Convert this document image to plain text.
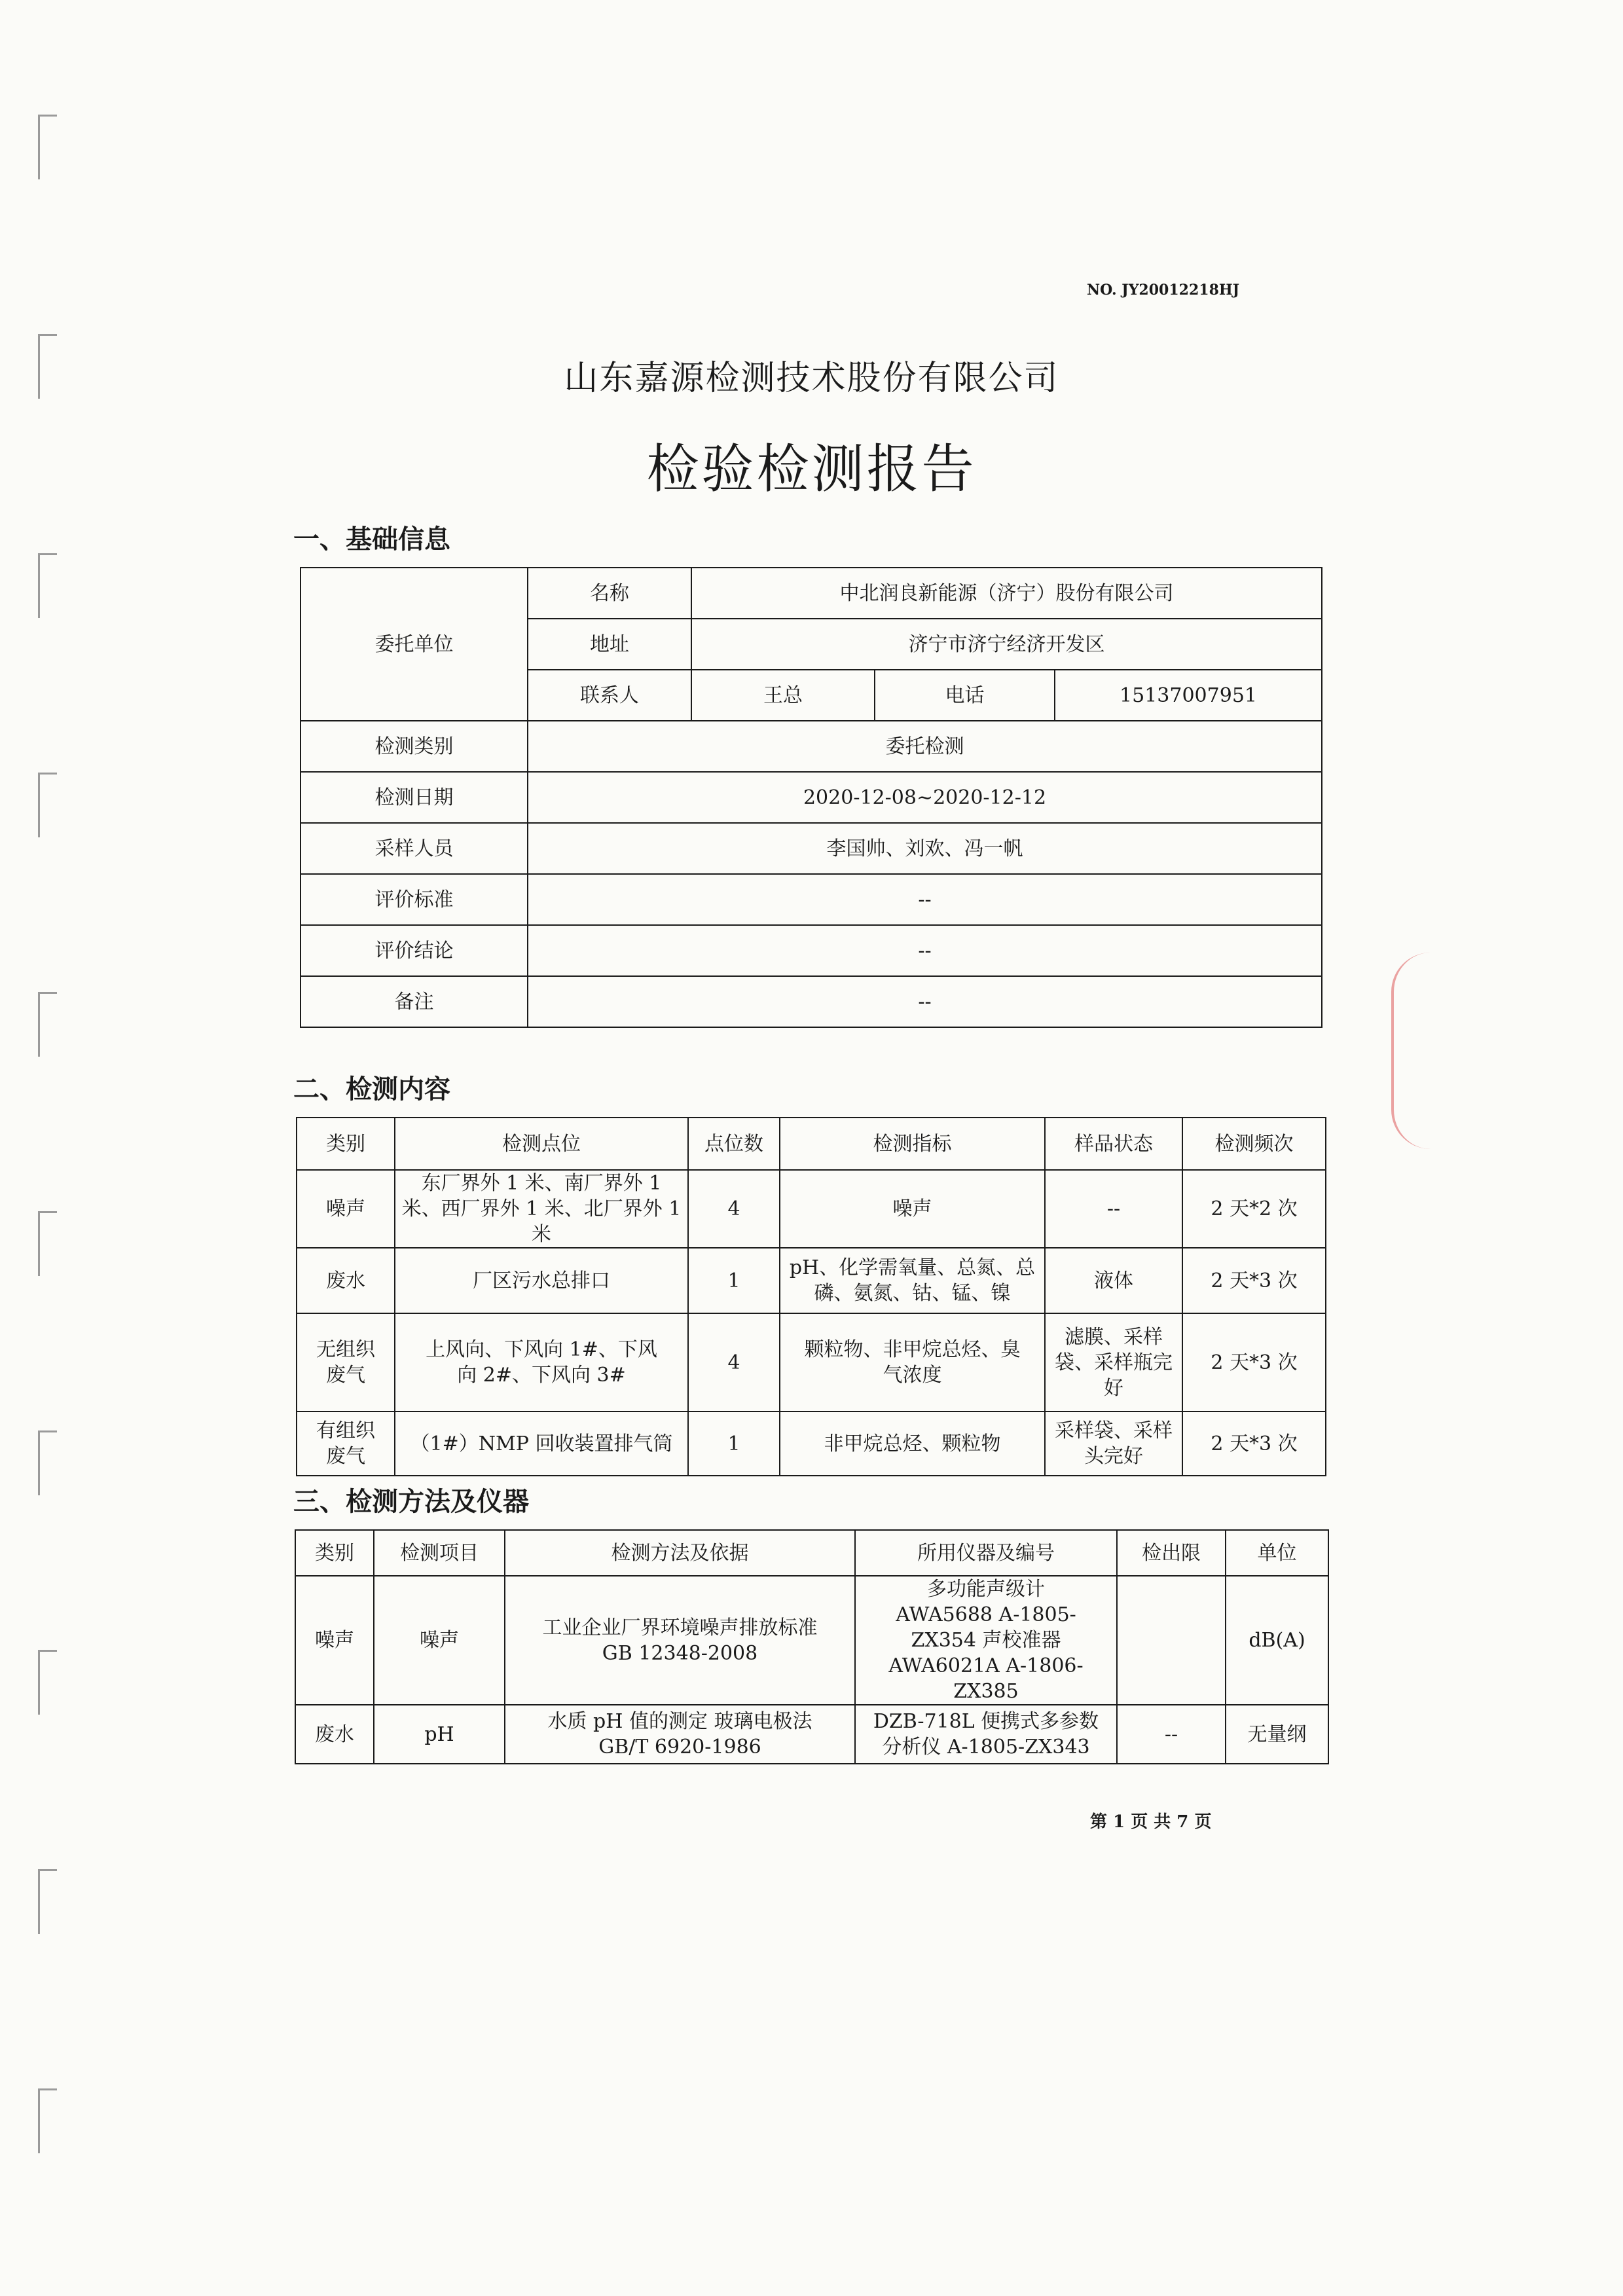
NO. JY20012218HJ
山东嘉源检测技术股份有限公司
检验检测报告
一、基础信息
委托单位	名称	中北润良新能源（济宁）股份有限公司		
	地址	济宁市济宁经济开发区		
	联系人	王总	电话	15137007951
检测类别	委托检测			
检测日期	2020-12-08~2020-12-12			
采样人员	李国帅、刘欢、冯一帆			
评价标准	--			
评价结论	--			
备注	--			
二、检测内容
类别	检测点位	点位数	检测指标	样品状态	检测频次
噪声	东厂界外 1 米、南厂界外 1 米、西厂界外 1 米、北厂界外 1 米	4	噪声	--	2 天*2 次
废水	厂区污水总排口	1	pH、化学需氧量、总氮、总磷、氨氮、钴、锰、镍	液体	2 天*3 次
无组织废气	上风向、下风向 1#、下风向 2#、下风向 3#	4	颗粒物、非甲烷总烃、臭气浓度	滤膜、采样袋、采样瓶完好	2 天*3 次
有组织废气	（1#）NMP 回收装置排气筒	1	非甲烷总烃、颗粒物	采样袋、采样头完好	2 天*3 次
三、检测方法及仪器
类别	检测项目	检测方法及依据	所用仪器及编号	检出限	单位
噪声	噪声	工业企业厂界环境噪声排放标准 GB 12348-2008	多功能声级计 AWA5688 A-1805-ZX354 声校准器 AWA6021A A-1806-ZX385		dB(A)
废水	pH	水质 pH 值的测定 玻璃电极法 GB/T 6920-1986	DZB-718L 便携式多参数分析仪 A-1805-ZX343	--	无量纲
第 1 页 共 7 页
